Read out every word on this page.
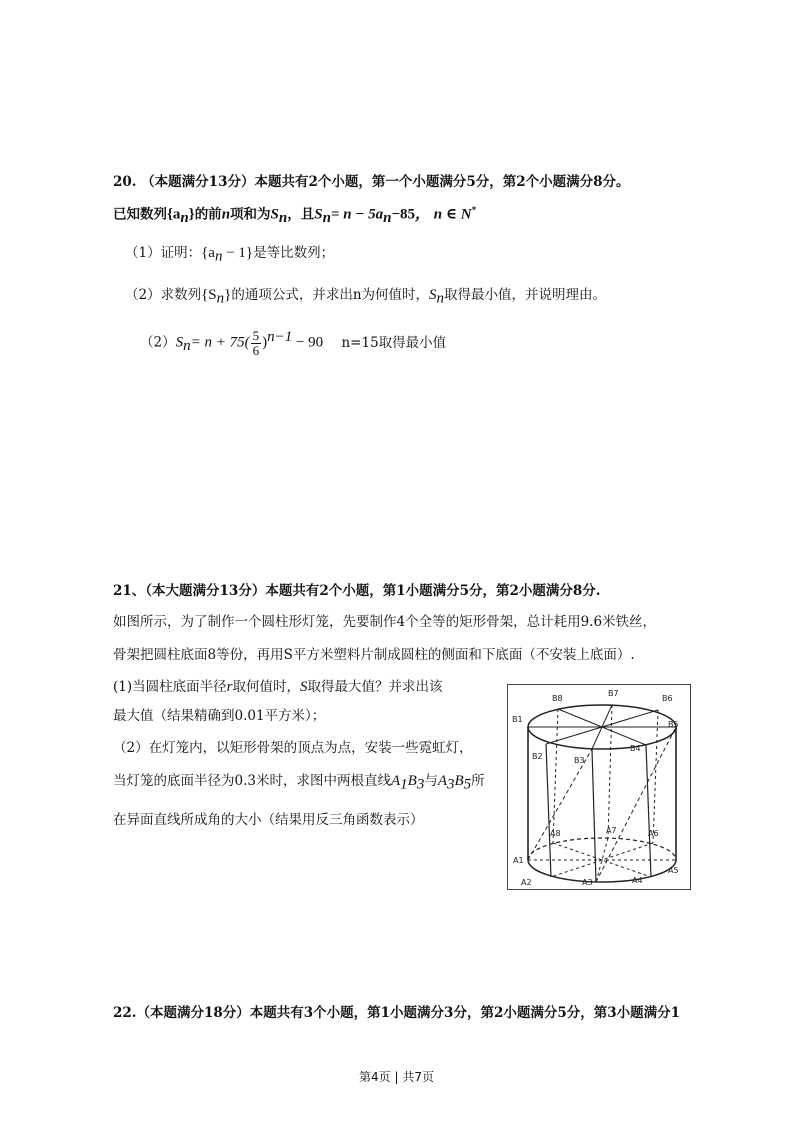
20. （本题满分13分）本题共有2个小题，第一个小题满分5分，第2个小题满分8分。
已知数列$\{a_n\}$的前n项和为$S_n$，且$S_n= n - 5a_n-85$， n ∈ N*
（1）证明：$\{a_n - 1\}$是等比数列；
（2）求数列$\{S_n\}$的通项公式，并求出n为何值时，$S_n$取得最小值，并说明理由。
$(2)S_n= n + 75( \frac{5}{6} )^{n-1} - 90$ n=15取得最小值
21、（本大题满分13分）本题共有2个小题，第1小题满分5分，第2小题满分8分.
如图所示，为了制作一个圆柱形灯笼，先要制作4个全等的矩形骨架，总计耗用9.6米铁丝，
骨架把圆柱底面8等份，再用S平方米塑料片制成圆柱的侧面和下底面（不安装上底面）.
(1)当圆柱底面半径r取何值时，S取得最大值？并求出该
最大值（结果精确到0.01平方米）；
（2）在灯笼内，以矩形骨架的顶点为点，安装一些霓虹灯，
当灯笼的底面半径为0.3米时，求图中两根直线$A_1B_3$与$A_3B_5$所
在异面直线所成角的大小（结果用反三角函数表示）
B8
B7
B6
B1
B5
B2	B3
B4
A8	A7	A6
A1
A2	A3	A4
A5
22.（本题满分18分）本题共有3个小题，第1小题满分3分，第2小题满分5分，第3小题满分1
第4页 | 共7页
